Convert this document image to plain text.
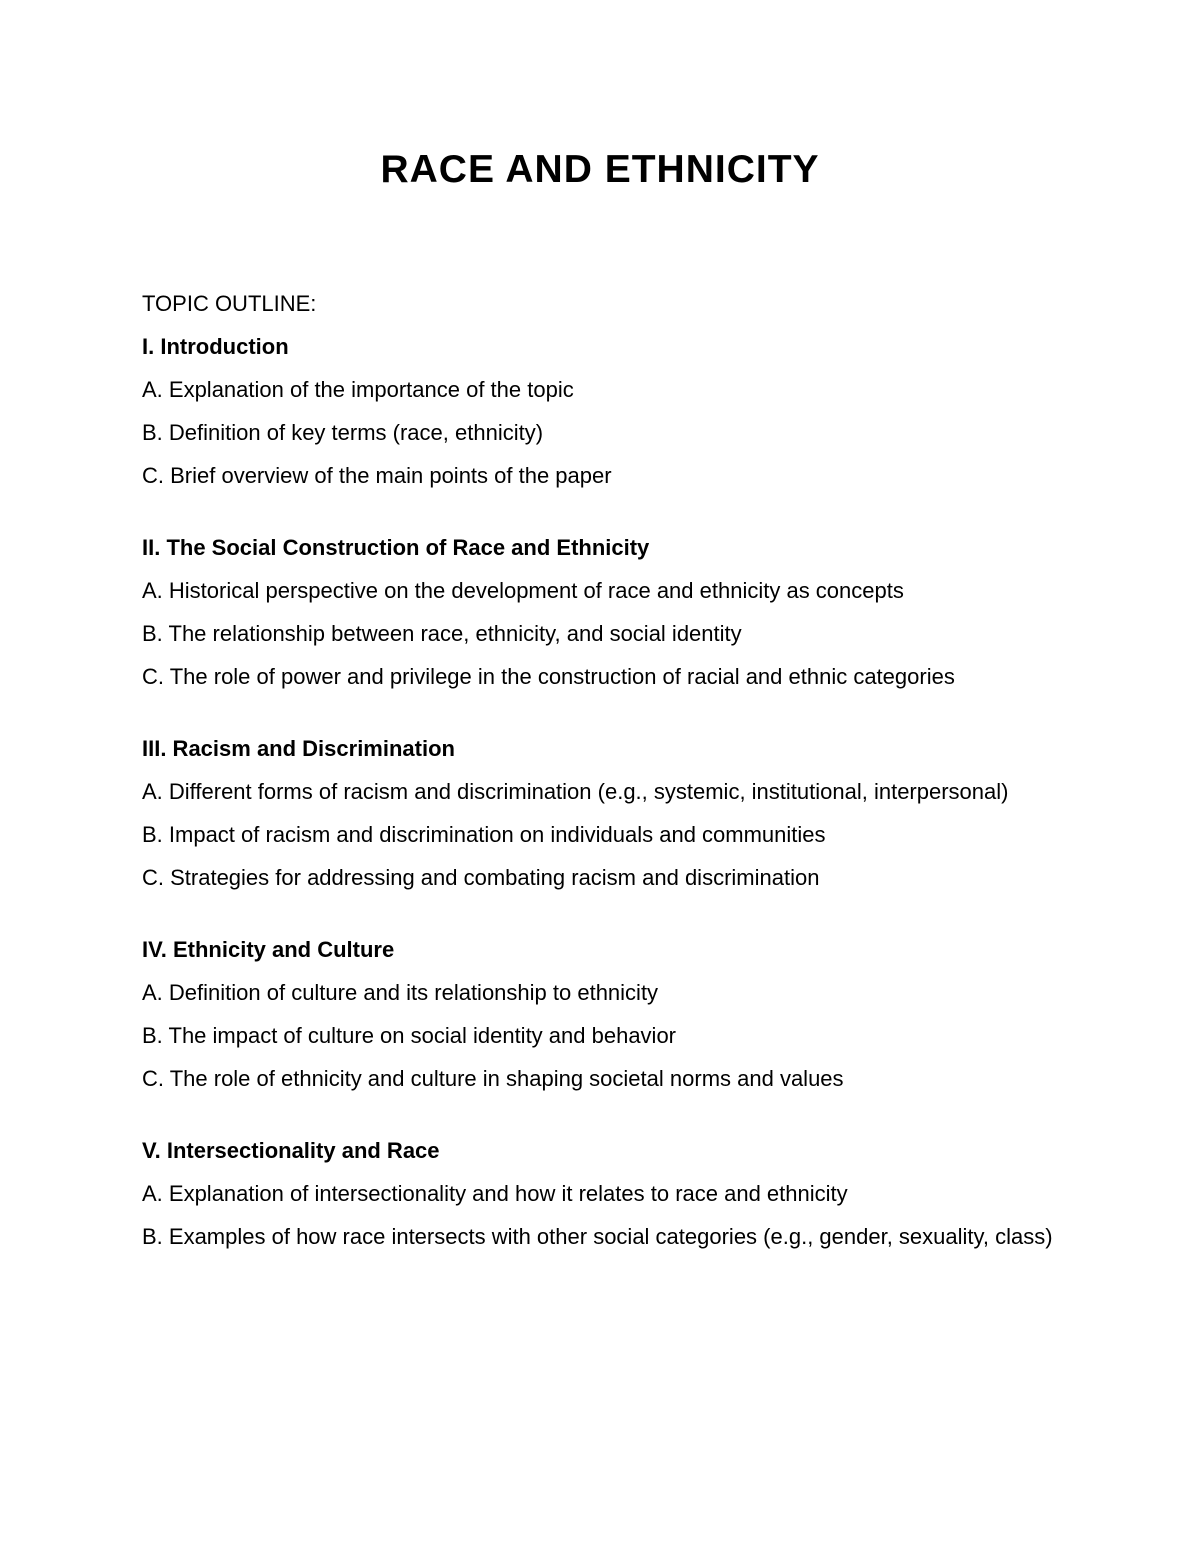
RACE AND ETHNICITY

TOPIC OUTLINE:

I. Introduction

A. Explanation of the importance of the topic

B. Definition of key terms (race, ethnicity)

C. Brief overview of the main points of the paper

II. The Social Construction of Race and Ethnicity

A. Historical perspective on the development of race and ethnicity as concepts

B. The relationship between race, ethnicity, and social identity

C. The role of power and privilege in the construction of racial and ethnic categories

III. Racism and Discrimination

A. Different forms of racism and discrimination (e.g., systemic, institutional, interpersonal)

B. Impact of racism and discrimination on individuals and communities

C. Strategies for addressing and combating racism and discrimination

IV. Ethnicity and Culture

A. Definition of culture and its relationship to ethnicity

B. The impact of culture on social identity and behavior

C. The role of ethnicity and culture in shaping societal norms and values

V. Intersectionality and Race

A. Explanation of intersectionality and how it relates to race and ethnicity

B. Examples of how race intersects with other social categories (e.g., gender, sexuality, class)
